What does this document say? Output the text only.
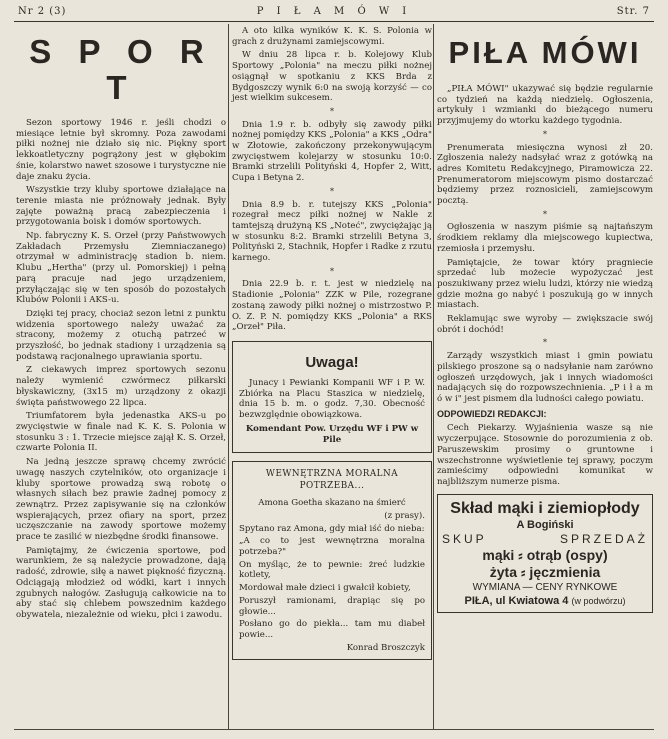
Nr 2 (3)	P I Ł A M Ó W I	Str. 7
S P O R T

Sezon sportowy 1946 r. jeśli chodzi o miesiące letnie był skromny. Poza zawodami piłki nożnej nie działo się nic. Piękny sport lekkoatletyczny pogrążony jest w głębokim śnie, kolarstwo nawet szosowe i turystyczne nie daje znaku życia.

Wszystkie trzy kluby sportowe działające na terenie miasta nie próżnowały jednak. Były zajęte poważną pracą zabezpieczenia i przygotowania boisk i domów sportowych.

Np. fabryczny K. S. Orzeł (przy Państwowych Zakładach Przemysłu Ziemniaczanego) otrzymał w administrację stadion b. niem. Klubu „Hertha" (przy ul. Pomorskiej) i pełną parą pracuje nad jego urządzeniem, przyłączając się w ten sposób do pozostałych Klubów Polonii i AKS-u.

Dzięki tej pracy, chociaż sezon letni z punktu widzenia sportowego należy uważać za stracony, możemy z otuchą patrzeć w przyszłość, bo jednak stadiony i urządzenia są podstawą racjonalnego uprawiania sportu.

Z ciekawych imprez sportowych sezonu należy wymienić czwórmecz piłkarski błyskawiczny, (3x15 m) urządzony z okazji święta państwowego 22 lipca.

Triumfatorem była jedenastka AKS-u po zwycięstwie w finale nad K. K. S. Polonia w stosunku 3 : 1. Trzecie miejsce zajął K. S. Orzeł, czwarte Polonia II.

Na jedną jeszcze sprawę chcemy zwrócić uwagę naszych czytelników, oto organizacje i kluby sportowe prowadzą swą robotę o własnych siłach bez prawie żadnej pomocy z zewnątrz. Przez zapisywanie się na członków wspierających, przez ofiary na sport, przez uczęszczanie na zawody sportowe możemy prace te zasilić w niezbędne środki finansowe.

Pamiętajmy, że ćwiczenia sportowe, pod warunkiem, że są należycie prowadzone, dają radość, zdrowie, siłę a nawet piękność fizyczną. Odciągają młodzież od wódki, kart i innych zgubnych nałogów. Zasługują całkowicie na to aby stać się chlebem powszednim każdego obywatela, niezależnie od wieku, płci i zawodu.

A oto kilka wyników K. K. S. Polonia w grach z drużynami zamiejscowymi.

W dniu 28 lipca r. b. Kolejowy Klub Sportowy „Polonia" na meczu piłki nożnej osiągnął w spotkaniu z KKS Brda z Bydgoszczy wynik 6:0 na swoją korzyść — co jest wielkim sukcesem.

*

Dnia 1.9 r. b. odbyły się zawody piłki nożnej pomiędzy KKS „Polonia" a KKS „Odra" w Złotowie, zakończony przekonywującym zwycięstwem kolejarzy w stosunku 10:0. Bramki strzelili Polityński 4, Hopfer 2, Witt, Cupa i Betyna 2.

*

Dnia 8.9 b. r. tutejszy KKS „Polonia" rozegrał mecz piłki nożnej w Nakle z tamtejszą drużyną KS „Noteć", zwyciężając ją w stosunku 8:2. Bramki strzelili Betyna 3, Polityński 2, Stachnik, Hopfer i Radke z rzutu karnego.

*

Dnia 22.9 b. r. t. jest w niedzielę na Stadionie „Polonia" ZZK w Pile, rozegrane zostaną zawody piłki nożnej o mistrzostwo P. O. Z. P. N. pomiędzy KKS „Polonia" a RKS „Orzeł" Piła.

Uwaga!

Junacy i Pewianki Kompanii WF i P. W. Zbiórka na Placu Staszica w niedzielę, dnia 15 b. m. o godz. 7,30. Obecność bezwzględnie obowiązkowa.

Komendant Pow. Urzędu WF i PW w Pile

WEWNĘTRZNA MORALNA POTRZEBA...

Amona Goetha skazano na śmierć

(z prasy).

Spytano raz Amona, gdy miał iść do nieba:

„A co to jest wewnętrzna moralna potrzeba?"

On myśląc, że to pewnie: żreć ludzkie kotlety,

Mordował małe dzieci i gwałcił kobiety,

Poruszył ramionami, drapiąc się po głowie...

Posłano go do piekła... tam mu diabeł powie...

Konrad Broszczyk

PIŁA MÓWI

„PIŁA MÓWI" ukazywać się będzie regularnie co tydzień na każdą niedzielę. Ogłoszenia, artykuły i wzmianki do bieżącego numeru przyjmujemy do wtorku każdego tygodnia.

*

Prenumerata miesięczna wynosi zł 20. Zgłoszenia należy nadsyłać wraz z gotówką na adres Komitetu Redakcyjnego, Piramowicza 22. Prenumeratorom miejscowym pismo dostarczać będziemy przez roznosicieli, zamiejscowym pocztą.

*

Ogłoszenia w naszym piśmie są najtańszym środkiem reklamy dla miejscowego kupiectwa, rzemiosła i przemysłu.

Pamiętajcie, że towar który pragniecie sprzedać lub możecie wypożyczać jest poszukiwany przez wielu ludzi, którzy nie wiedzą gdzie można go nabyć i poszukują go w innych miastach.

Reklamując swe wyroby — zwiększacie swój obrót i dochód!

*

Zarządy wszystkich miast i gmin powiatu pilskiego proszone są o nadsyłanie nam zarówno ogłoszeń urzędowych, jak i innych wiadomości nadających się do rozpowszechnienia. „P i ł a m ó w i" jest pismem dla ludności całego powiatu.

ODPOWIEDZI REDAKCJI:

Cech Piekarzy. Wyjaśnienia wasze są nie wyczerpujące. Stosownie do porozumienia z ob. Paruszewskim prosimy o gruntowne i wszechstronne wyświetlenie tej sprawy, poczym zamieścimy odpowiedni komunikat w najbliższym numerze pisma.

Skład mąki i ziemiopłody
A Bogiński
SKUP	SPRZEDAŻ
mąki ⸗ otrąb (ospy)
żyta ⸗ jęczmienia
WYMIANA — CENY RYNKOWE
PIŁA, ul Kwiatowa 4 (w podwórzu)
